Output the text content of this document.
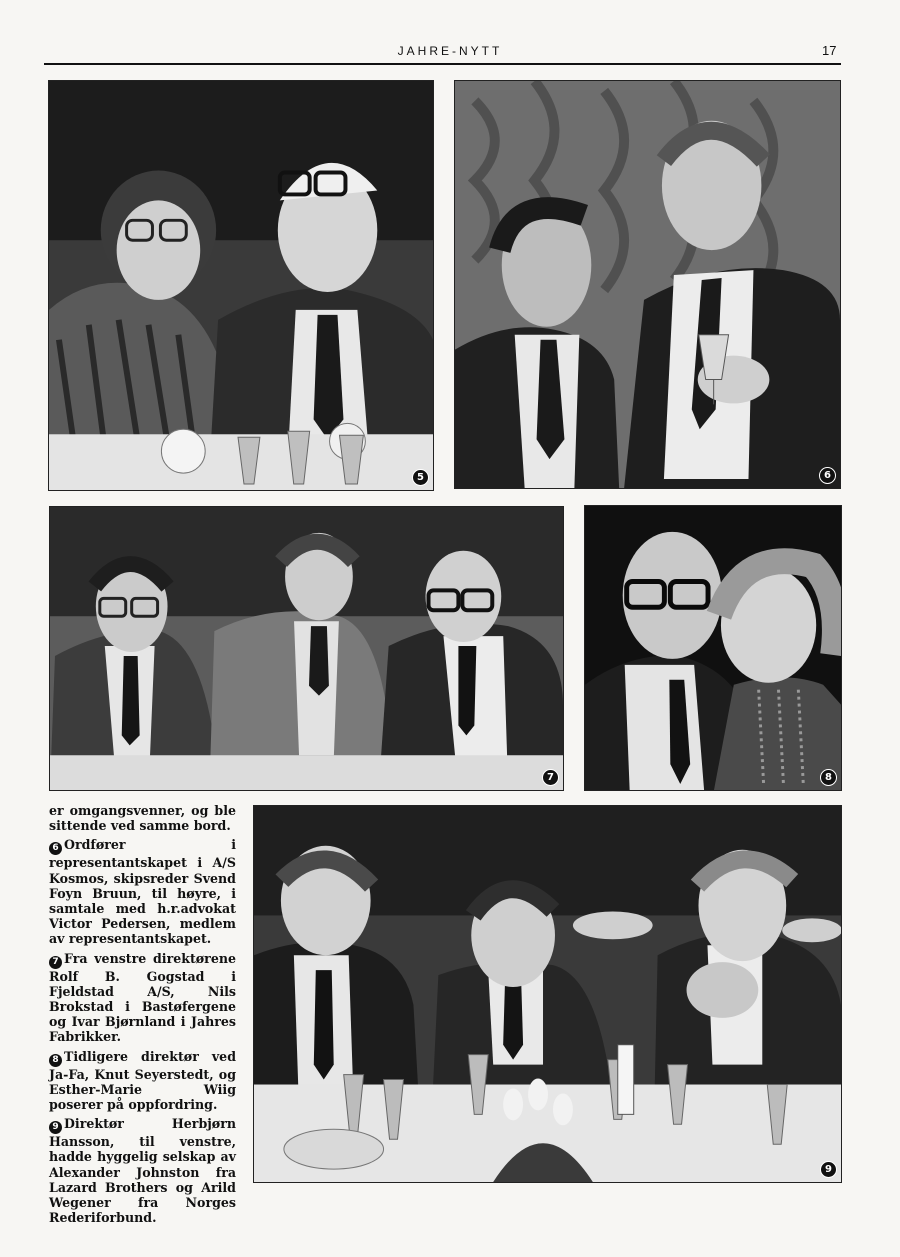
JAHRE-NYTT	17
5	6
7	8
9

er omgangsvenner, og ble sittende ved samme bord.

6 Ordfører i representantskapet i A/S Kosmos, skipsreder Svend Foyn Bruun, til høyre, i samtale med h.r.advokat Victor Pedersen, medlem av representantskapet.

7 Fra venstre direktørene Rolf B. Gogstad i Fjeldstad A/S, Nils Brokstad i Bastøfergene og Ivar Bjørnland i Jahres Fabrikker.

8 Tidligere direktør ved Ja-Fa, Knut Seyerstedt, og Esther-Marie Wiig poserer på oppfordring.

9 Direktør Herbjørn Hansson, til venstre, hadde hyggelig selskap av Alexander Johnston fra Lazard Brothers og Arild Wegener fra Norges Rederiforbund.
